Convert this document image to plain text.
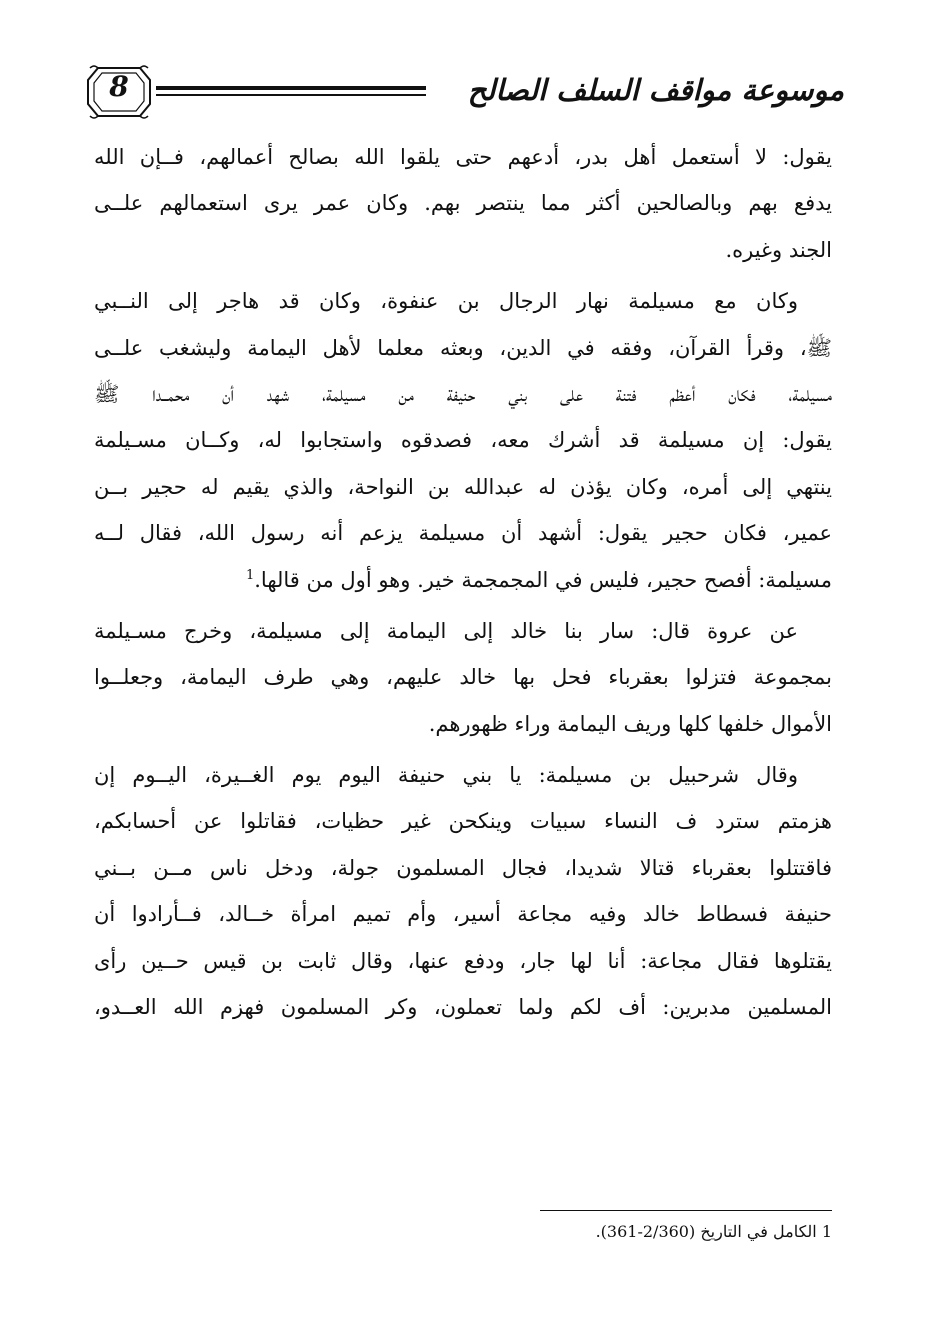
8	موسوعة مواقف السلف الصالح
يقول: لا أستعمل أهل بدر، أدعهم حتى يلقوا الله بصالح أعمالهم، فــإن الله
يدفع بهم وبالصالحين أكثر مما ينتصر بهم. وكان عمر يرى استعمالهم علــى
الجند وغيره.
وكان مع مسيلمة نهار الرجال بن عنفوة، وكان قد هاجر إلى النــبي
ﷺ، وقرأ القرآن، وفقه في الدين، وبعثه معلما لأهل اليمامة وليشغب علــى
مسيلمة، فكان أعظم فتنة على بني حنيفة من مسيلمة، شهد أن محمــدا ﷺ
يقول: إن مسيلمة قد أشرك معه، فصدقوه واستجابوا له، وكــان مسـيلمة
ينتهي إلى أمره، وكان يؤذن له عبدالله بن النواحة، والذي يقيم له حجير بــن
عمير، فكان حجير يقول: أشهد أن مسيلمة يزعم أنه رسول الله، فقال لــه
مسيلمة: أفصح حجير، فليس في المجمجمة خير. وهو أول من قالها.$^1$
عن عروة قال: سار بنا خالد إلى اليمامة إلى مسيلمة، وخرج مسـيلمة
بمجموعة فتزلوا بعقرباء فحل بها خالد عليهم، وهي طرف اليمامة، وجعلــوا
الأموال خلفها كلها وريف اليمامة وراء ظهورهم.
وقال شرحبيل بن مسيلمة: يا بني حنيفة اليوم يوم الغــيرة، اليــوم إن
هزمتم سترد ف النساء سبيات وينكحن غير حظيات، فقاتلوا عن أحسابكم،
فاقتتلوا بعقرباء قتالا شديدا، فجال المسلمون جولة، ودخل ناس مــن بــني
حنيفة فسطاط خالد وفيه مجاعة أسير، وأم تميم امرأة خــالد، فــأرادوا أن
يقتلوها فقال مجاعة: أنا لها جار، ودفع عنها، وقال ثابت بن قيس حــين رأى
المسلمين مدبرين: أف لكم ولما تعملون، وكر المسلمون فهزم الله العــدو،
1 الكامل في التاريخ (2/360-361).
